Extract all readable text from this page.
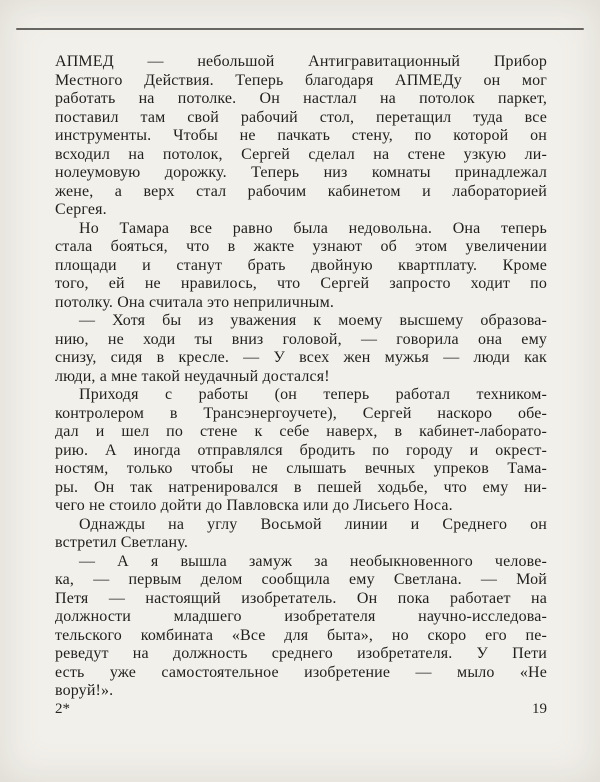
АПМЕД — небольшой Антигравитационный Прибор
Местного Действия. Теперь благодаря АПМЕДу он мог
работать на потолке. Он настлал на потолок паркет,
поставил там свой рабочий стол, перетащил туда все
инструменты. Чтобы не пачкать стену, по которой он
всходил на потолок, Сергей сделал на стене узкую ли-
нолеумовую дорожку. Теперь низ комнаты принадлежал
жене, а верх стал рабочим кабинетом и лабораторией
Сергея.

Но Тамара все равно была недовольна. Она теперь
стала бояться, что в жакте узнают об этом увеличении
площади и станут брать двойную квартплату. Кроме
того, ей не нравилось, что Сергей запросто ходит по
потолку. Она считала это неприличным.

— Хотя бы из уважения к моему высшему образова-
нию, не ходи ты вниз головой, — говорила она ему
снизу, сидя в кресле. — У всех жен мужья — люди как
люди, а мне такой неудачный достался!

Приходя с работы (он теперь работал техником-
контролером в Трансэнергоучете), Сергей наскоро обе-
дал и шел по стене к себе наверх, в кабинет-лаборато-
рию. А иногда отправлялся бродить по городу и окрест-
ностям, только чтобы не слышать вечных упреков Тама-
ры. Он так натренировался в пешей ходьбе, что ему ни-
чего не стоило дойти до Павловска или до Лисьего Носа.

Однажды на углу Восьмой линии и Среднего он
встретил Светлану.

— А я вышла замуж за необыкновенного челове-
ка, — первым делом сообщила ему Светлана. — Мой
Петя — настоящий изобретатель. Он пока работает на
должности младшего изобретателя научно-исследова-
тельского комбината «Все для быта», но скоро его пе-
реведут на должность среднего изобретателя. У Пети
есть уже самостоятельное изобретение — мыло «Не
воруй!».

2*	19
